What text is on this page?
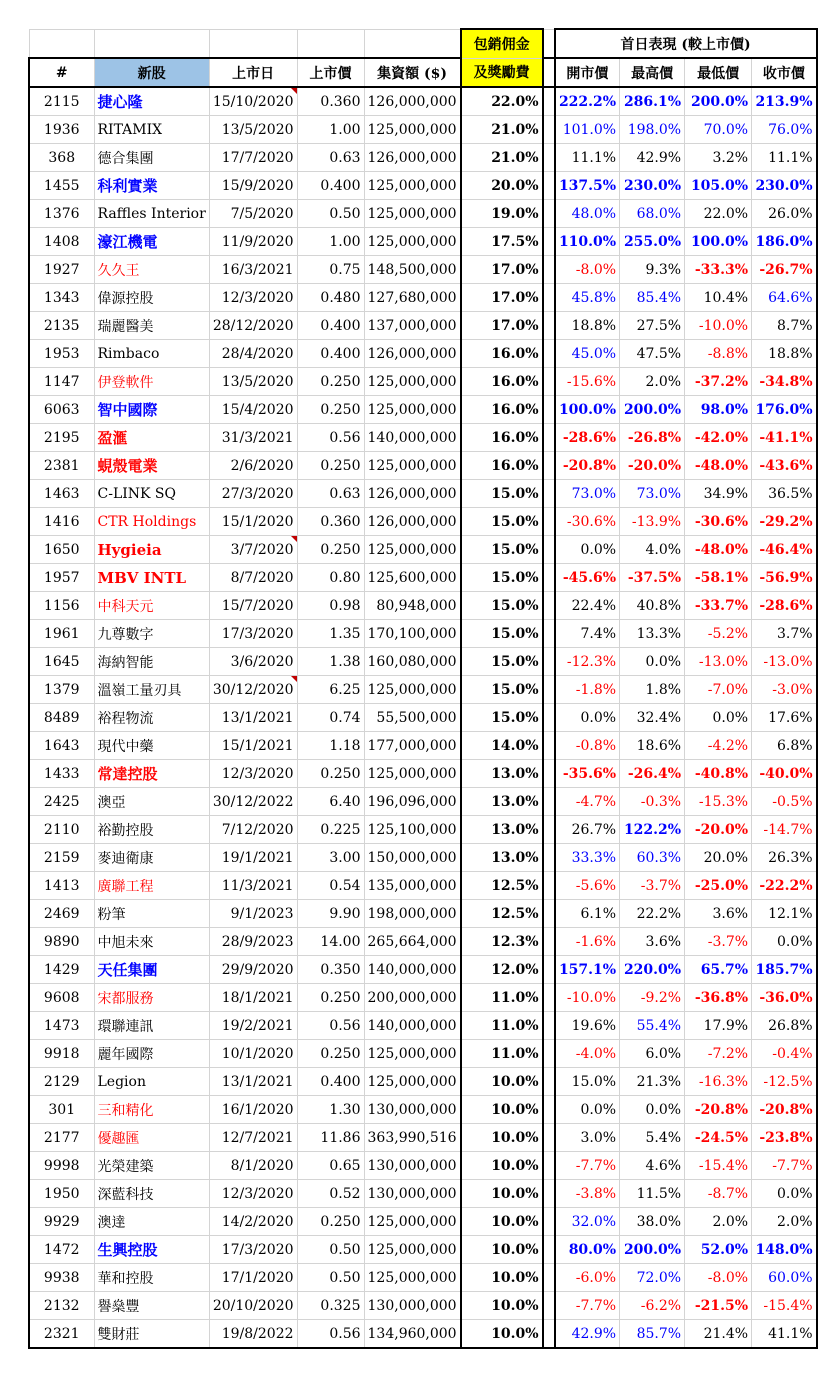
					包銷佣金		首日表現 (較上市價)			
#	新股	上市日	上市價	集資額 ($)	及獎勵費		開市價	最高價	最低價	收市價
2115	捷心隆	15/10/2020	0.360	126,000,000	22.0%		222.2%	286.1%	200.0%	213.9%
1936	RITAMIX	13/5/2020	1.00	125,000,000	21.0%		101.0%	198.0%	70.0%	76.0%
368	德合集團	17/7/2020	0.63	126,000,000	21.0%		11.1%	42.9%	3.2%	11.1%
1455	科利實業	15/9/2020	0.400	125,000,000	20.0%		137.5%	230.0%	105.0%	230.0%
1376	Raffles Interior	7/5/2020	0.50	125,000,000	19.0%		48.0%	68.0%	22.0%	26.0%
1408	濠江機電	11/9/2020	1.00	125,000,000	17.5%		110.0%	255.0%	100.0%	186.0%
1927	久久王	16/3/2021	0.75	148,500,000	17.0%		-8.0%	9.3%	-33.3%	-26.7%
1343	偉源控股	12/3/2020	0.480	127,680,000	17.0%		45.8%	85.4%	10.4%	64.6%
2135	瑞麗醫美	28/12/2020	0.400	137,000,000	17.0%		18.8%	27.5%	-10.0%	8.7%
1953	Rimbaco	28/4/2020	0.400	126,000,000	16.0%		45.0%	47.5%	-8.8%	18.8%
1147	伊登軟件	13/5/2020	0.250	125,000,000	16.0%		-15.6%	2.0%	-37.2%	-34.8%
6063	智中國際	15/4/2020	0.250	125,000,000	16.0%		100.0%	200.0%	98.0%	176.0%
2195	盈滙	31/3/2021	0.56	140,000,000	16.0%		-28.6%	-26.8%	-42.0%	-41.1%
2381	蜆殼電業	2/6/2020	0.250	125,000,000	16.0%		-20.8%	-20.0%	-48.0%	-43.6%
1463	C-LINK SQ	27/3/2020	0.63	126,000,000	15.0%		73.0%	73.0%	34.9%	36.5%
1416	CTR Holdings	15/1/2020	0.360	126,000,000	15.0%		-30.6%	-13.9%	-30.6%	-29.2%
1650	Hygieia	3/7/2020	0.250	125,000,000	15.0%		0.0%	4.0%	-48.0%	-46.4%
1957	MBV INTL	8/7/2020	0.80	125,600,000	15.0%		-45.6%	-37.5%	-58.1%	-56.9%
1156	中科天元	15/7/2020	0.98	80,948,000	15.0%		22.4%	40.8%	-33.7%	-28.6%
1961	九尊數字	17/3/2020	1.35	170,100,000	15.0%		7.4%	13.3%	-5.2%	3.7%
1645	海納智能	3/6/2020	1.38	160,080,000	15.0%		-12.3%	0.0%	-13.0%	-13.0%
1379	溫嶺工量刃具	30/12/2020	6.25	125,000,000	15.0%		-1.8%	1.8%	-7.0%	-3.0%
8489	裕程物流	13/1/2021	0.74	55,500,000	15.0%		0.0%	32.4%	0.0%	17.6%
1643	現代中藥	15/1/2021	1.18	177,000,000	14.0%		-0.8%	18.6%	-4.2%	6.8%
1433	常達控股	12/3/2020	0.250	125,000,000	13.0%		-35.6%	-26.4%	-40.8%	-40.0%
2425	澳亞	30/12/2022	6.40	196,096,000	13.0%		-4.7%	-0.3%	-15.3%	-0.5%
2110	裕勤控股	7/12/2020	0.225	125,100,000	13.0%		26.7%	122.2%	-20.0%	-14.7%
2159	麥迪衛康	19/1/2021	3.00	150,000,000	13.0%		33.3%	60.3%	20.0%	26.3%
1413	廣聯工程	11/3/2021	0.54	135,000,000	12.5%		-5.6%	-3.7%	-25.0%	-22.2%
2469	粉筆	9/1/2023	9.90	198,000,000	12.5%		6.1%	22.2%	3.6%	12.1%
9890	中旭未來	28/9/2023	14.00	265,664,000	12.3%		-1.6%	3.6%	-3.7%	0.0%
1429	天任集團	29/9/2020	0.350	140,000,000	12.0%		157.1%	220.0%	65.7%	185.7%
9608	宋都服務	18/1/2021	0.250	200,000,000	11.0%		-10.0%	-9.2%	-36.8%	-36.0%
1473	環聯連訊	19/2/2021	0.56	140,000,000	11.0%		19.6%	55.4%	17.9%	26.8%
9918	麗年國際	10/1/2020	0.250	125,000,000	11.0%		-4.0%	6.0%	-7.2%	-0.4%
2129	Legion	13/1/2021	0.400	125,000,000	10.0%		15.0%	21.3%	-16.3%	-12.5%
301	三和精化	16/1/2020	1.30	130,000,000	10.0%		0.0%	0.0%	-20.8%	-20.8%
2177	優趣匯	12/7/2021	11.86	363,990,516	10.0%		3.0%	5.4%	-24.5%	-23.8%
9998	光榮建築	8/1/2020	0.65	130,000,000	10.0%		-7.7%	4.6%	-15.4%	-7.7%
1950	深藍科技	12/3/2020	0.52	130,000,000	10.0%		-3.8%	11.5%	-8.7%	0.0%
9929	澳達	14/2/2020	0.250	125,000,000	10.0%		32.0%	38.0%	2.0%	2.0%
1472	生興控股	17/3/2020	0.50	125,000,000	10.0%		80.0%	200.0%	52.0%	148.0%
9938	華和控股	17/1/2020	0.50	125,000,000	10.0%		-6.0%	72.0%	-8.0%	60.0%
2132	譽燊豐	20/10/2020	0.325	130,000,000	10.0%		-7.7%	-6.2%	-21.5%	-15.4%
2321	雙財莊	19/8/2022	0.56	134,960,000	10.0%		42.9%	85.7%	21.4%	41.1%
